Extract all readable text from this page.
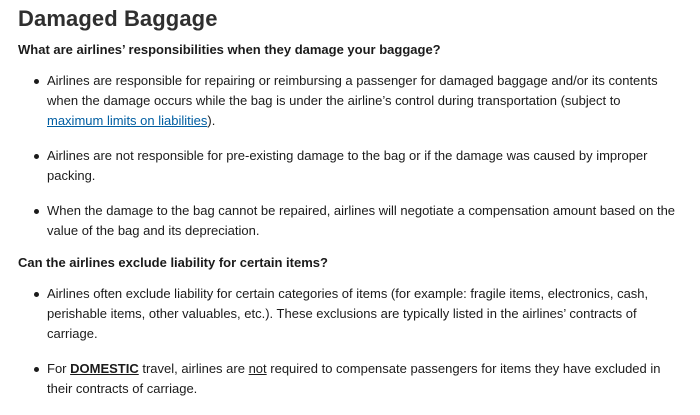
Damaged Baggage
What are airlines’ responsibilities when they damage your baggage?
Airlines are responsible for repairing or reimbursing a passenger for damaged baggage and/or its contents when the damage occurs while the bag is under the airline’s control during transportation (subject to maximum limits on liabilities).
Airlines are not responsible for pre-existing damage to the bag or if the damage was caused by improper packing.
When the damage to the bag cannot be repaired, airlines will negotiate a compensation amount based on the value of the bag and its depreciation.
Can the airlines exclude liability for certain items?
Airlines often exclude liability for certain categories of items (for example: fragile items, electronics, cash, perishable items, other valuables, etc.). These exclusions are typically listed in the airlines’ contracts of carriage.
For DOMESTIC travel, airlines are not required to compensate passengers for items they have excluded in their contracts of carriage.
